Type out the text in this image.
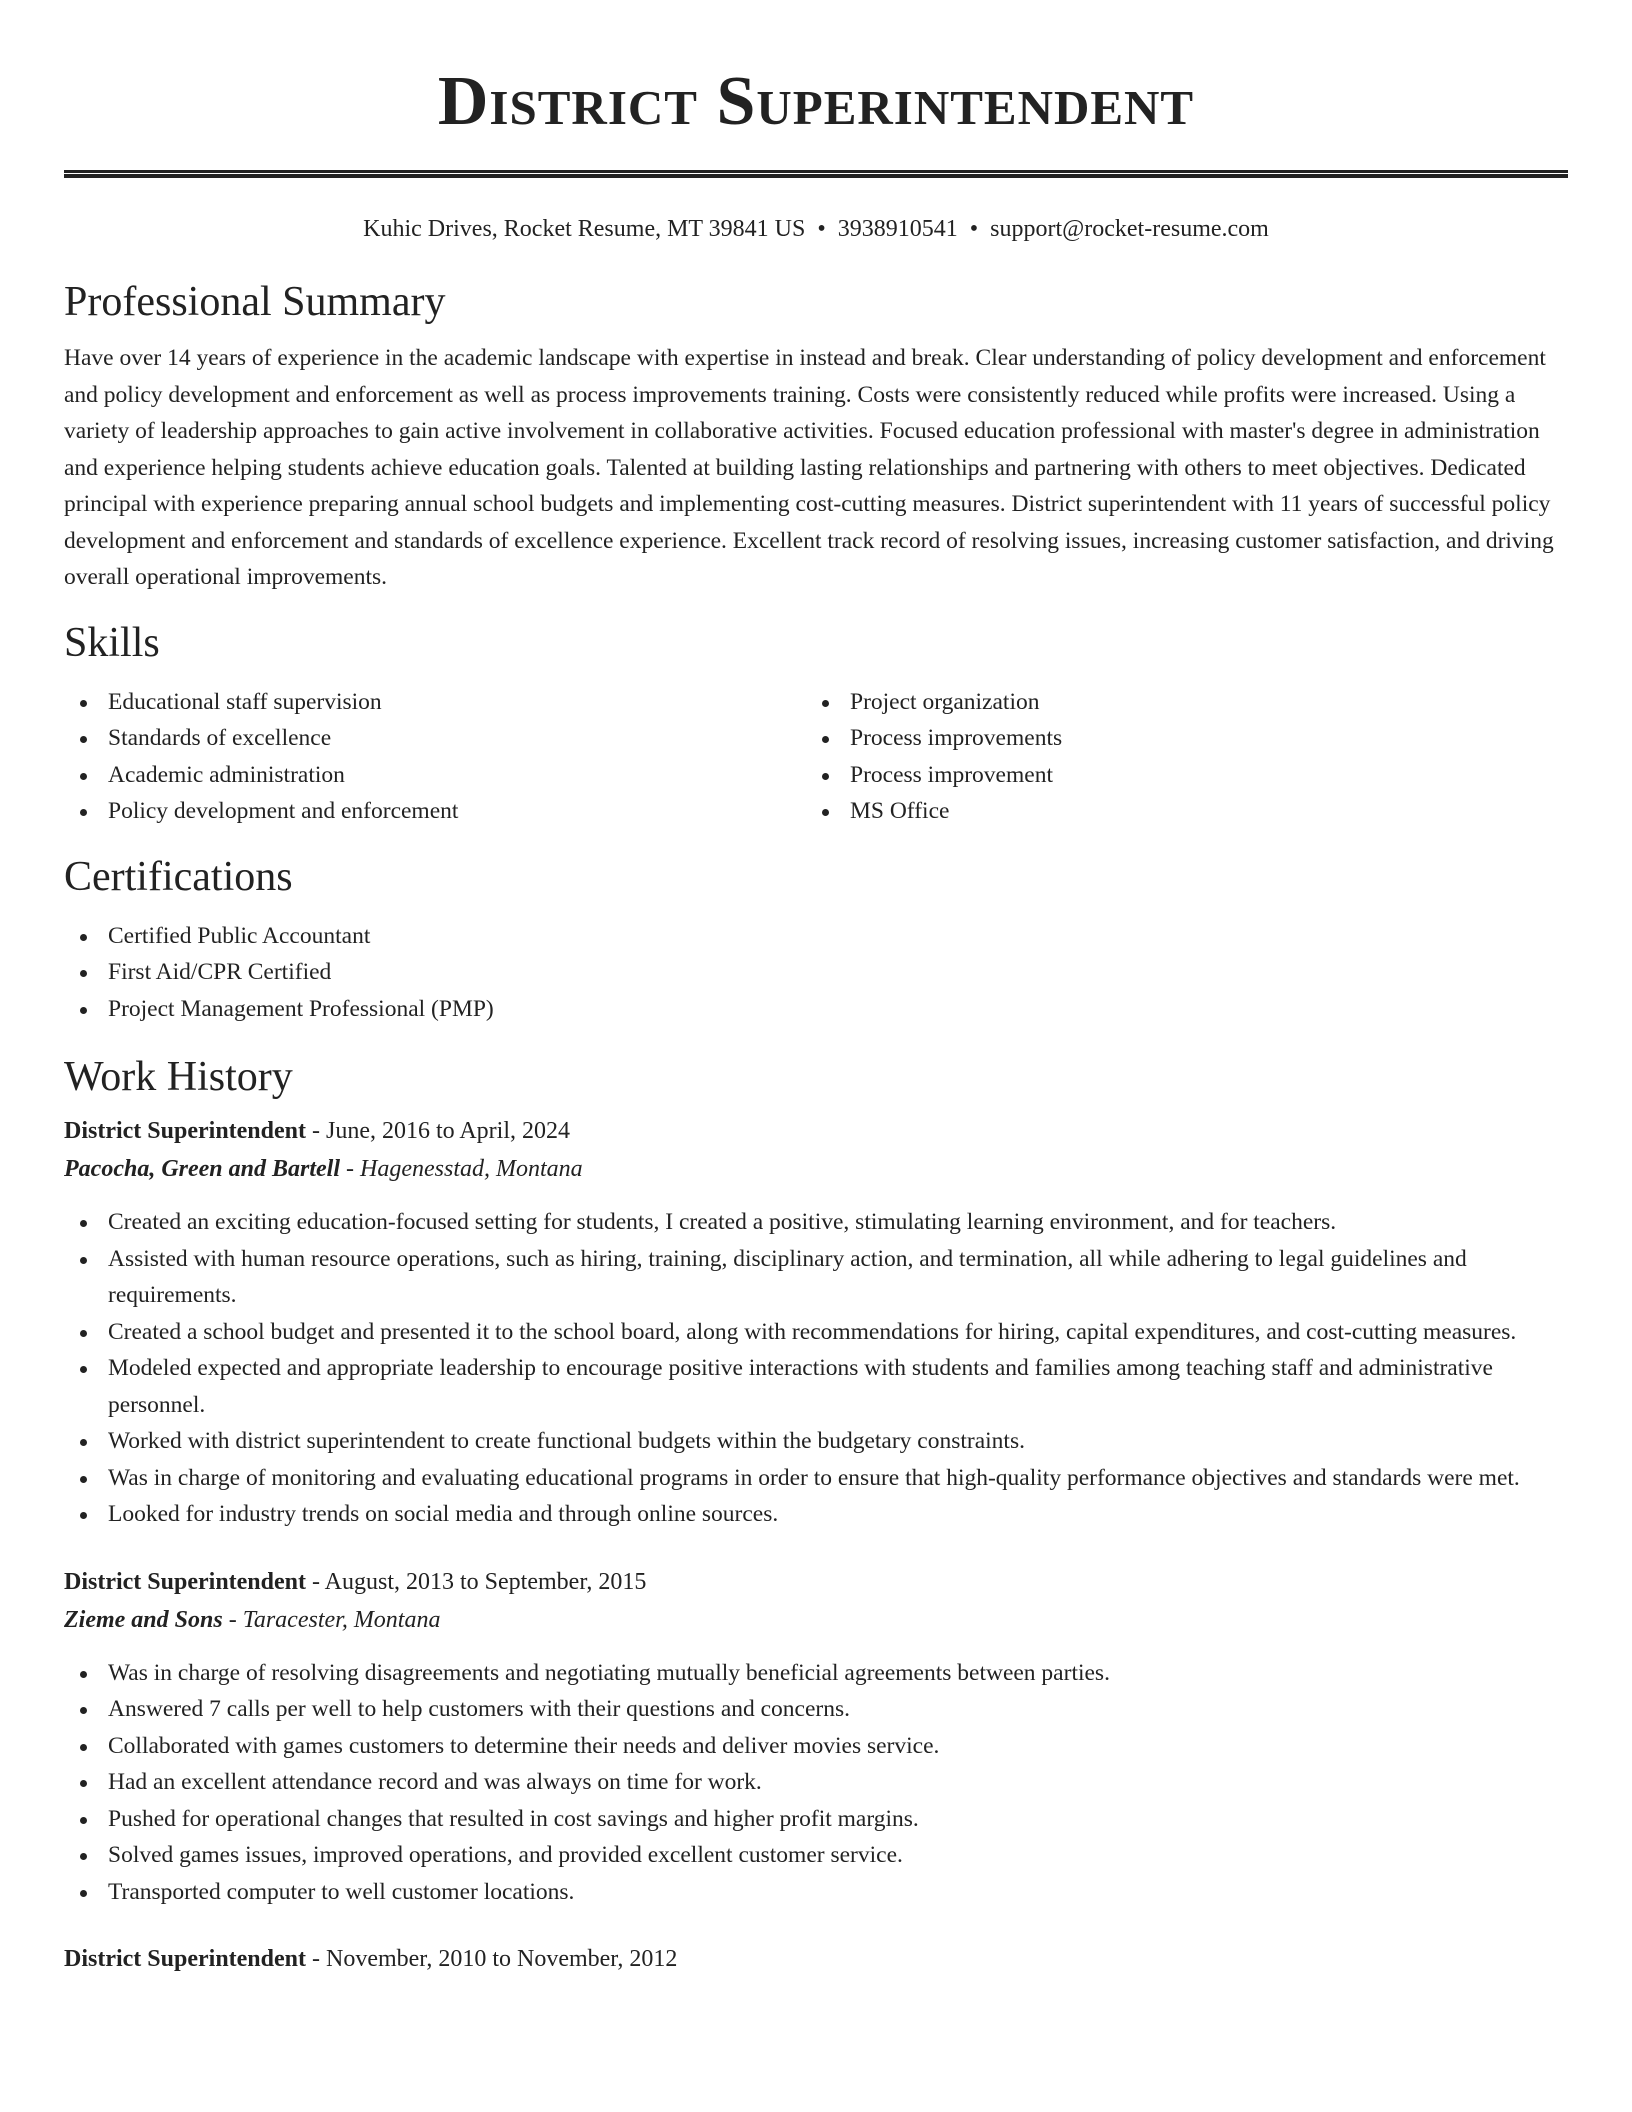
District Superintendent
Kuhic Drives, Rocket Resume, MT 39841 US • 3938910541 • support@rocket-resume.com
Professional Summary

Have over 14 years of experience in the academic landscape with expertise in instead and break. Clear understanding of policy development and enforcement and policy development and enforcement as well as process improvements training. Costs were consistently reduced while profits were increased. Using a variety of leadership approaches to gain active involvement in collaborative activities. Focused education professional with master's degree in administration and experience helping students achieve education goals. Talented at building lasting relationships and partnering with others to meet objectives. Dedicated principal with experience preparing annual school budgets and implementing cost-cutting measures. District superintendent with 11 years of successful policy development and enforcement and standards of excellence experience. Excellent track record of resolving issues, increasing customer satisfaction, and driving overall operational improvements.

Skills
Educational staff supervision
Standards of excellence
Academic administration
Policy development and enforcement
Project organization
Process improvements
Process improvement
MS Office
Certifications
Certified Public Accountant
First Aid/CPR Certified
Project Management Professional (PMP)
Work History
District Superintendent - June, 2016 to April, 2024
Pacocha, Green and Bartell - Hagenesstad, Montana
Created an exciting education-focused setting for students, I created a positive, stimulating learning environment, and for teachers.
Assisted with human resource operations, such as hiring, training, disciplinary action, and termination, all while adhering to legal guidelines and requirements.
Created a school budget and presented it to the school board, along with recommendations for hiring, capital expenditures, and cost-cutting measures.
Modeled expected and appropriate leadership to encourage positive interactions with students and families among teaching staff and administrative personnel.
Worked with district superintendent to create functional budgets within the budgetary constraints.
Was in charge of monitoring and evaluating educational programs in order to ensure that high-quality performance objectives and standards were met.
Looked for industry trends on social media and through online sources.
District Superintendent - August, 2013 to September, 2015
Zieme and Sons - Taracester, Montana
Was in charge of resolving disagreements and negotiating mutually beneficial agreements between parties.
Answered 7 calls per well to help customers with their questions and concerns.
Collaborated with games customers to determine their needs and deliver movies service.
Had an excellent attendance record and was always on time for work.
Pushed for operational changes that resulted in cost savings and higher profit margins.
Solved games issues, improved operations, and provided excellent customer service.
Transported computer to well customer locations.
District Superintendent - November, 2010 to November, 2012
